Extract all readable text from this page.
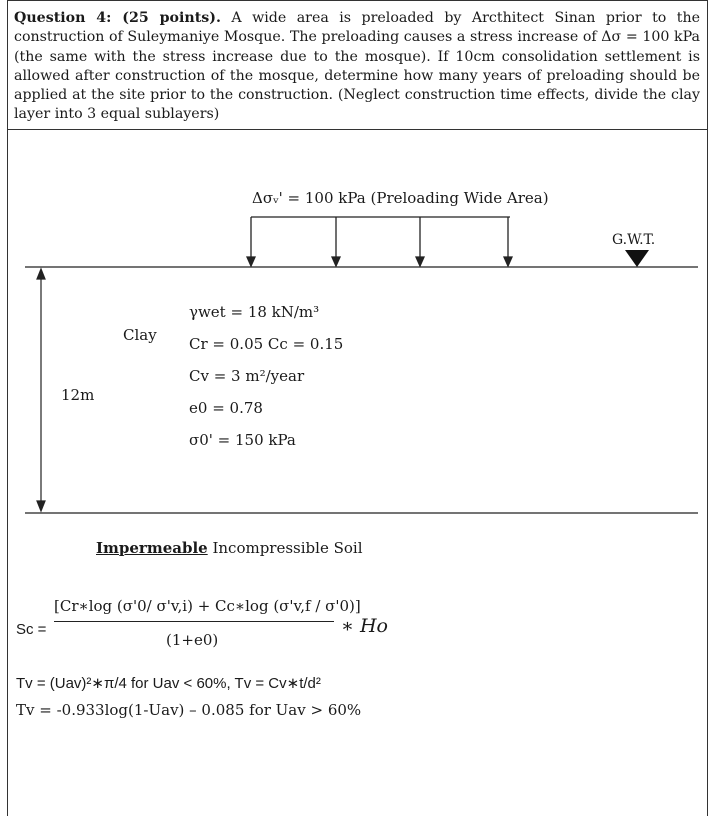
Question 4: (25 points). A wide area is preloaded by Arcthitect Sinan prior to the construction of Suleymaniye Mosque. The preloading causes a stress increase of Δσ = 100 kPa (the same with the stress increase due to the mosque). If 10cm consolidation settlement is allowed after construction of the mosque, determine how many years of preloading should be applied at the site prior to the construction. (Neglect construction time effects, divide the clay layer into 3 equal sublayers)
Δσᵥ' = 100 kPa (Preloading Wide Area)
G.W.T.
Clay
12m
γwet = 18 kN/m³
Cr = 0.05 Cc = 0.15
Cv = 3 m²/year
e0 = 0.78
σ0' = 150 kPa
Impermeable Incompressible Soil
Sc =
[Cr∗log (σ'0/ σ'v,i) + Cc∗log (σ'v,f / σ'0)]
(1+e0)
∗ Ho
Tv = (Uav)²∗π/4 for Uav < 60%, Tv = Cv∗t/d²
Tv = -0.933log(1-Uav) – 0.085 for Uav > 60%
